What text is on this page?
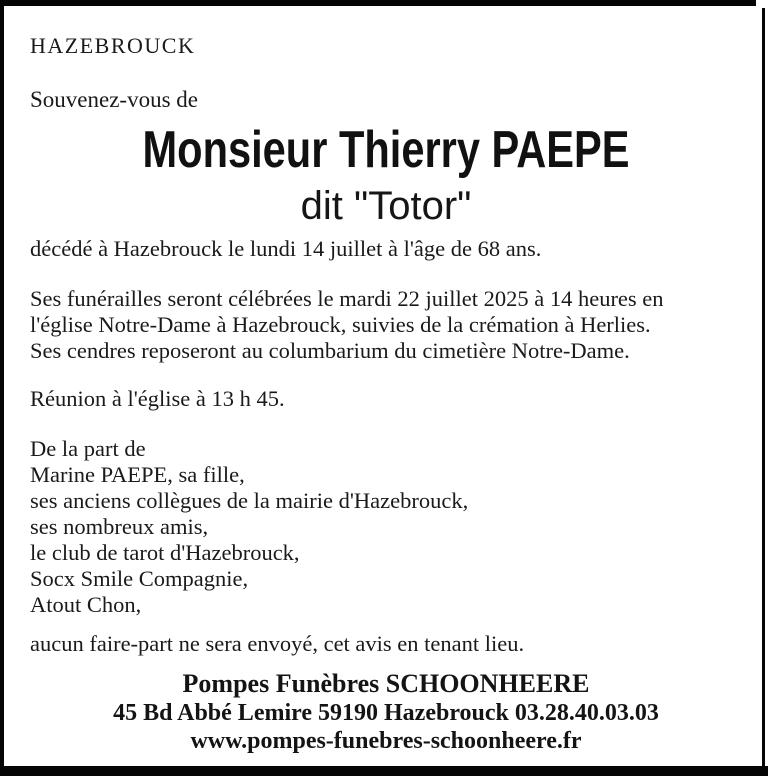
HAZEBROUCK
Souvenez-vous de
Monsieur Thierry PAEPE
dit "Totor"
décédé à Hazebrouck le lundi 14 juillet à l'âge de 68 ans.
Ses funérailles seront célébrées le mardi 22 juillet 2025 à 14 heures en
l'église Notre-Dame à Hazebrouck, suivies de la crémation à Herlies.
Ses cendres reposeront au columbarium du cimetière Notre-Dame.
Réunion à l'église à 13 h 45.
De la part de
Marine PAEPE, sa fille,
ses anciens collègues de la mairie d'Hazebrouck,
ses nombreux amis,
le club de tarot d'Hazebrouck,
Socx Smile Compagnie,
Atout Chon,
aucun faire-part ne sera envoyé, cet avis en tenant lieu.
Pompes Funèbres SCHOONHEERE
45 Bd Abbé Lemire 59190 Hazebrouck 03.28.40.03.03
www.pompes-funebres-schoonheere.fr
